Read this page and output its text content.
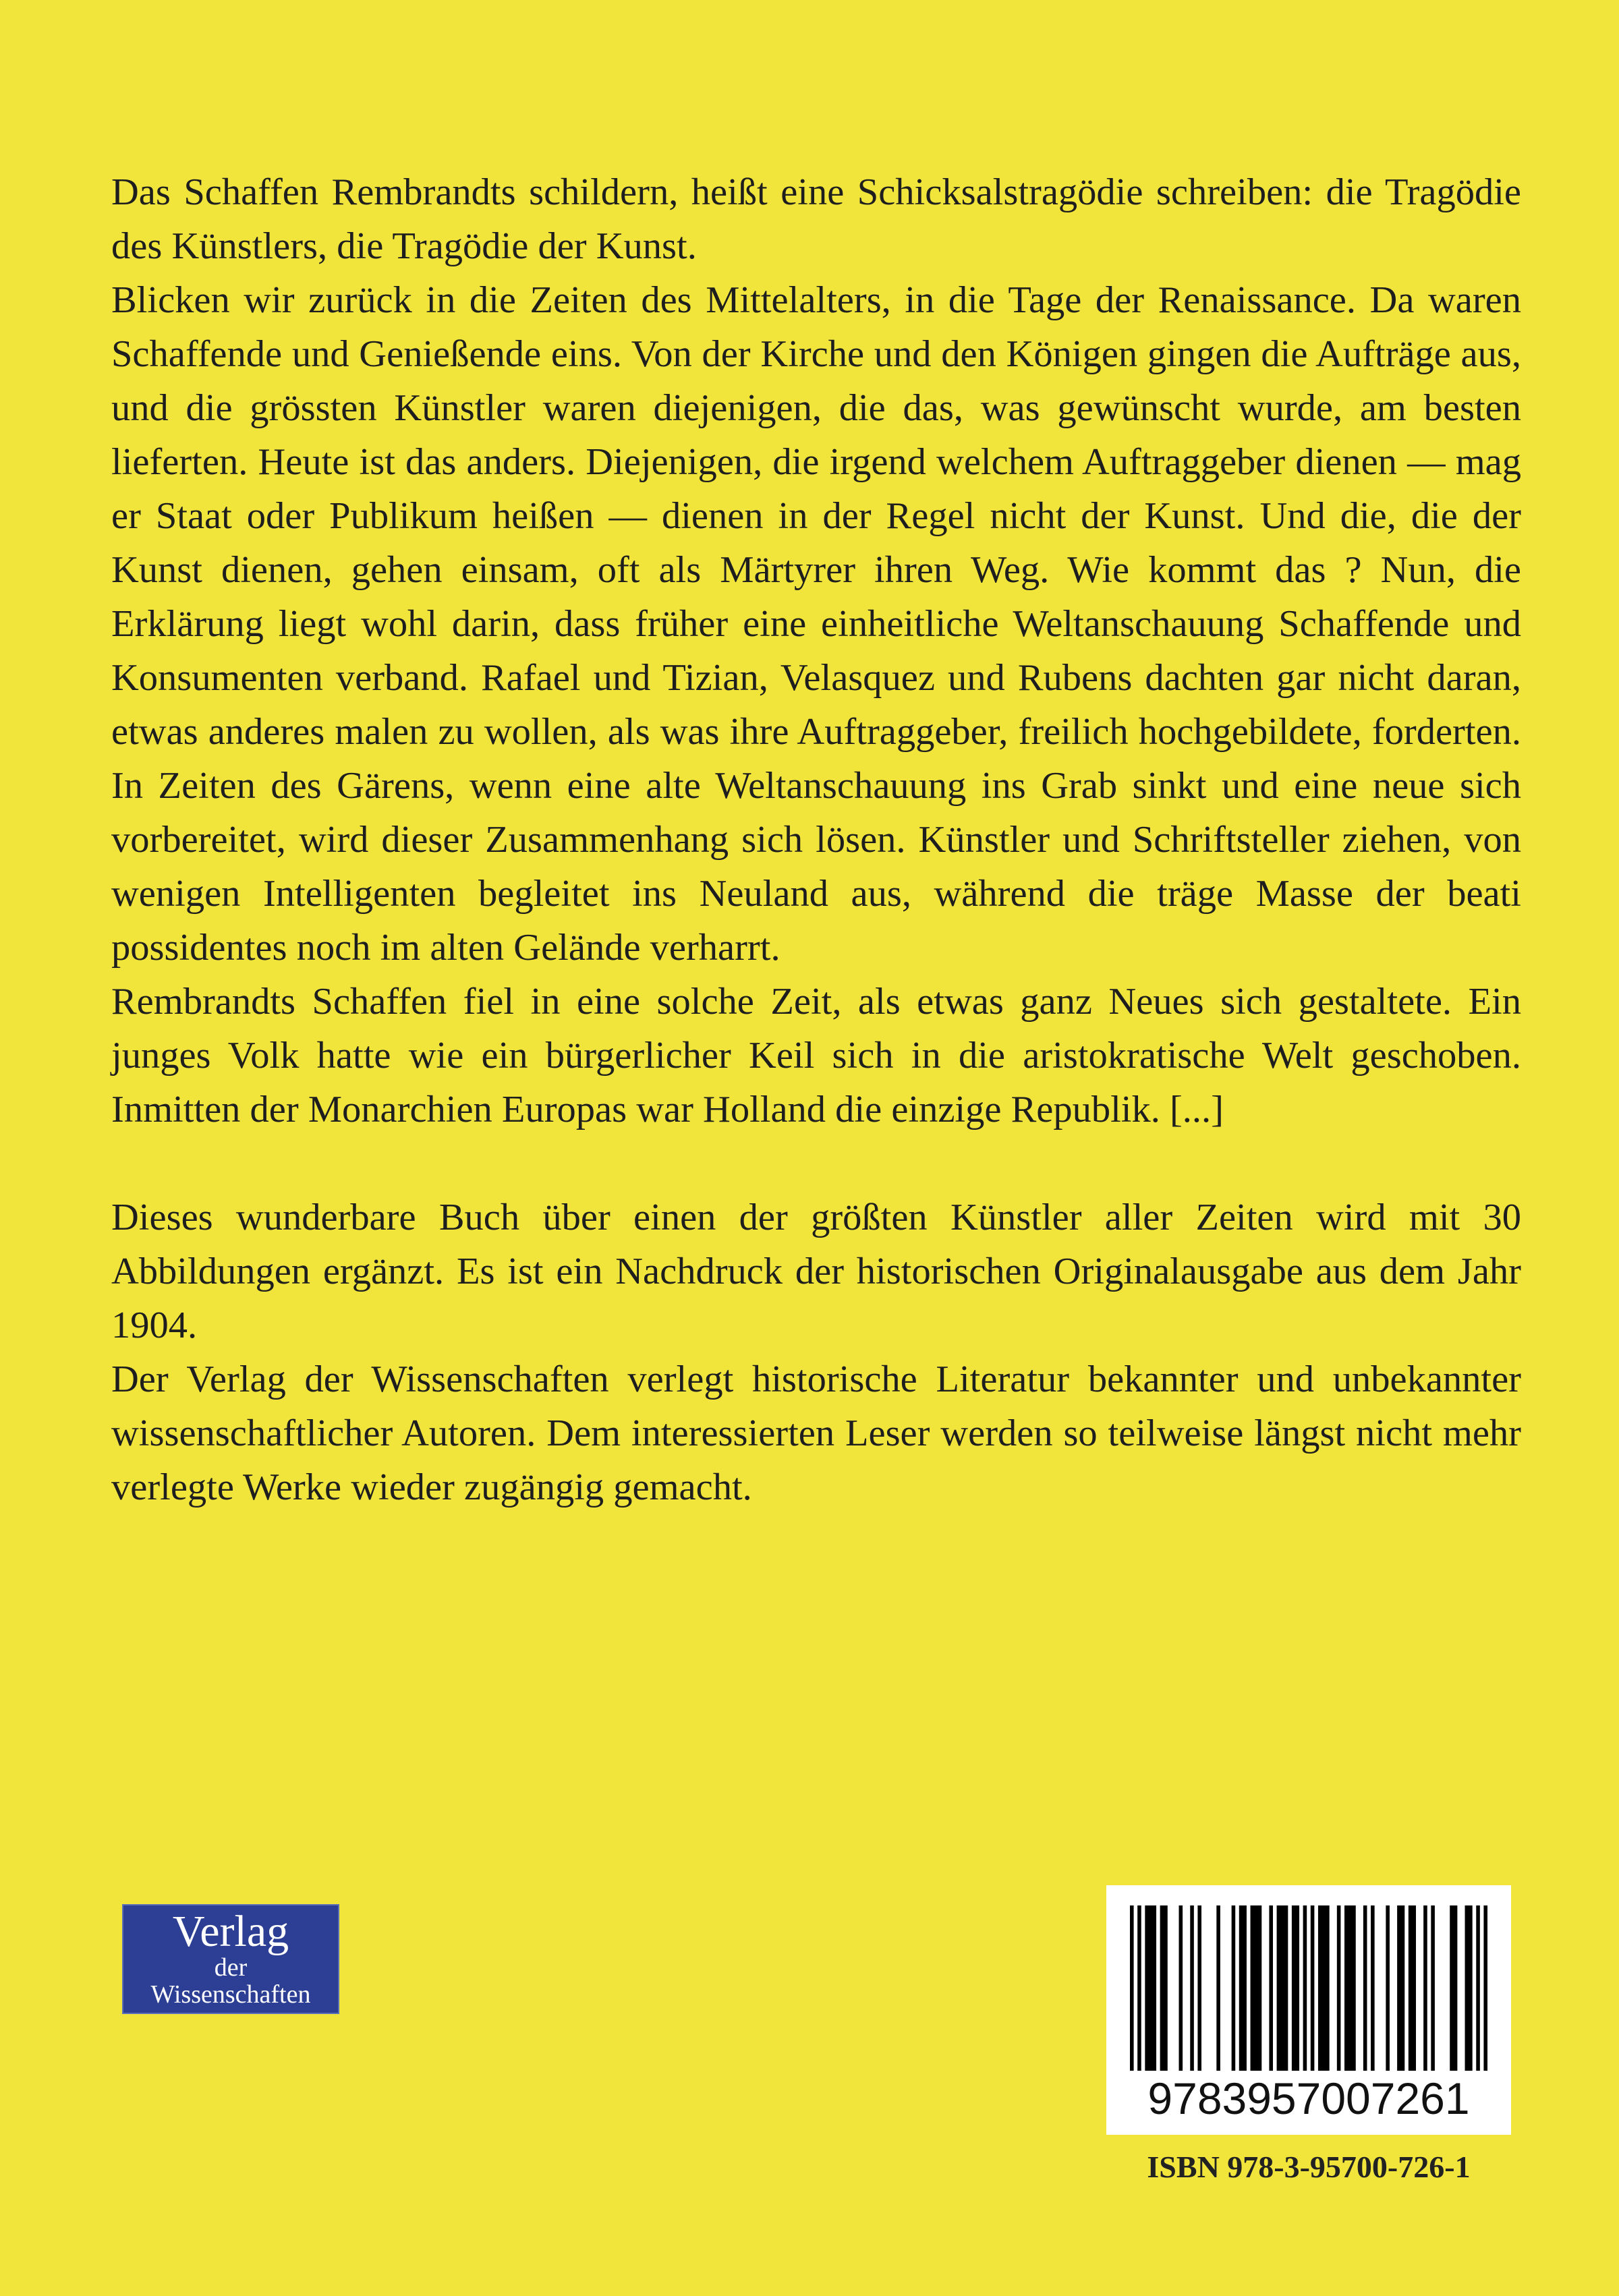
Das Schaffen Rembrandts schildern, heißt eine Schicksalstragödie schreiben: die Tragödie des Künstlers, die Tragödie der Kunst.

Blicken wir zurück in die Zeiten des Mittelalters, in die Tage der Renaissance. Da waren Schaffende und Genießende eins. Von der Kirche und den Königen gingen die Aufträge aus, und die grössten Künstler waren diejenigen, die das, was gewünscht wurde, am besten lieferten. Heute ist das anders. Diejenigen, die irgend welchem Auftraggeber dienen — mag er Staat oder Publikum heißen — dienen in der Regel nicht der Kunst. Und die, die der Kunst dienen, gehen einsam, oft als Märtyrer ihren Weg. Wie kommt das ? Nun, die Erklärung liegt wohl darin, dass früher eine einheitliche Weltanschauung Schaffende und Konsumenten verband. Rafael und Tizian, Velasquez und Rubens dachten gar nicht daran, etwas anderes malen zu wollen, als was ihre Auftraggeber, freilich hochgebildete, forderten. In Zeiten des Gärens, wenn eine alte Weltanschauung ins Grab sinkt und eine neue sich vorbereitet, wird dieser Zusammenhang sich lösen. Künstler und Schriftsteller ziehen, von wenigen Intelligenten begleitet ins Neuland aus, während die träge Masse der beati possidentes noch im alten Gelände verharrt.

Rembrandts Schaffen fiel in eine solche Zeit, als etwas ganz Neues sich gestaltete. Ein junges Volk hatte wie ein bürgerlicher Keil sich in die aristokratische Welt geschoben. Inmitten der Monarchien Europas war Holland die einzige Republik. [...]

Dieses wunderbare Buch über einen der größten Künstler aller Zeiten wird mit 30 Abbildungen ergänzt. Es ist ein Nachdruck der historischen Originalausgabe aus dem Jahr 1904.

Der Verlag der Wissenschaften verlegt historische Literatur bekannter und unbekannter wissenschaftlicher Autoren. Dem interessierten Leser werden so teilweise längst nicht mehr verlegte Werke wieder zugängig gemacht.

Verlag
der
Wissenschaften
9783957007261
ISBN 978-3-95700-726-1
